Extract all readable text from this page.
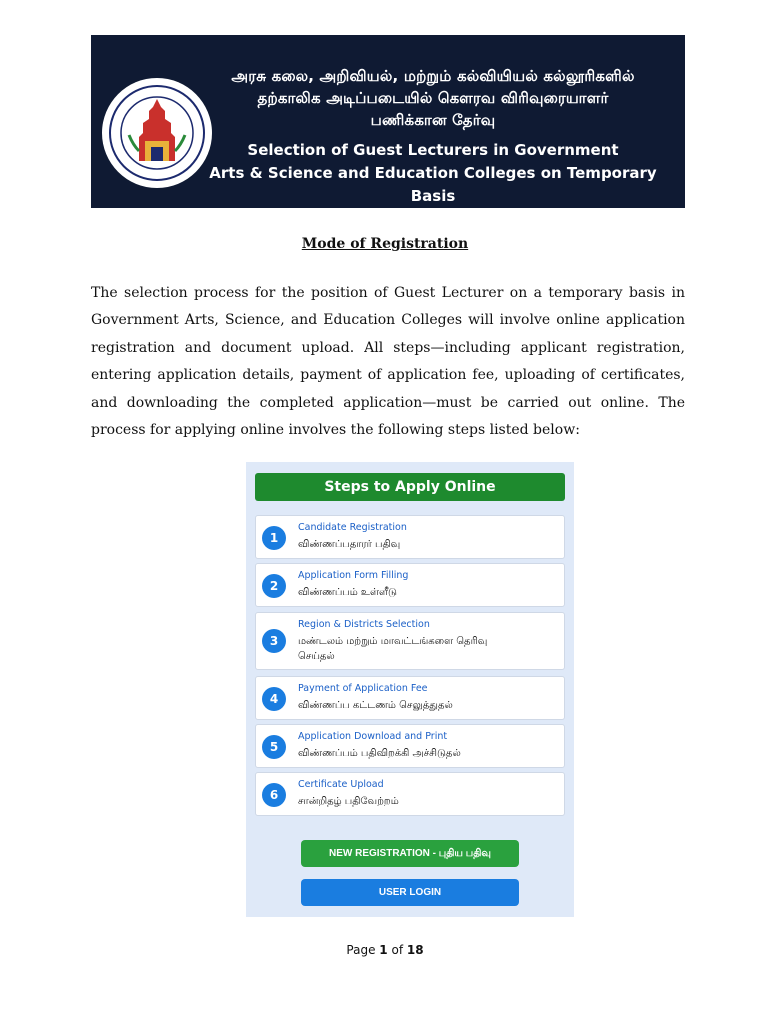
அரசு கலை, அறிவியல், மற்றும் கல்வியியல் கல்லூரிகளில்
தற்காலிக அடிப்படையில் கௌரவ விரிவுரையாளர்
பணிக்கான தேர்வு
Selection of Guest Lecturers in Government
Arts & Science and Education Colleges on Temporary Basis
Mode of Registration
The selection process for the position of Guest Lecturer on a temporary basis in Government Arts, Science, and Education Colleges will involve online application registration and document upload. All steps—including applicant registration, entering application details, payment of application fee, uploading of certificates, and downloading the completed application—must be carried out online. The process for applying online involves the following steps listed below:
Steps to Apply Online
1
Candidate Registration
விண்ணப்பதாரர் பதிவு
2
Application Form Filling
விண்ணப்பம் உள்ளீடு
3
Region & Districts Selection
மண்டலம் மற்றும் மாவட்டங்களை தெரிவு செய்தல்
4
Payment of Application Fee
விண்ணப்ப கட்டணம் செலுத்துதல்
5
Application Download and Print
விண்ணப்பம் பதிவிறக்கி அச்சிடுதல்
6
Certificate Upload
சான்றிதழ் பதிவேற்றம்
NEW REGISTRATION - புதிய பதிவு
USER LOGIN
Page 1 of 18
